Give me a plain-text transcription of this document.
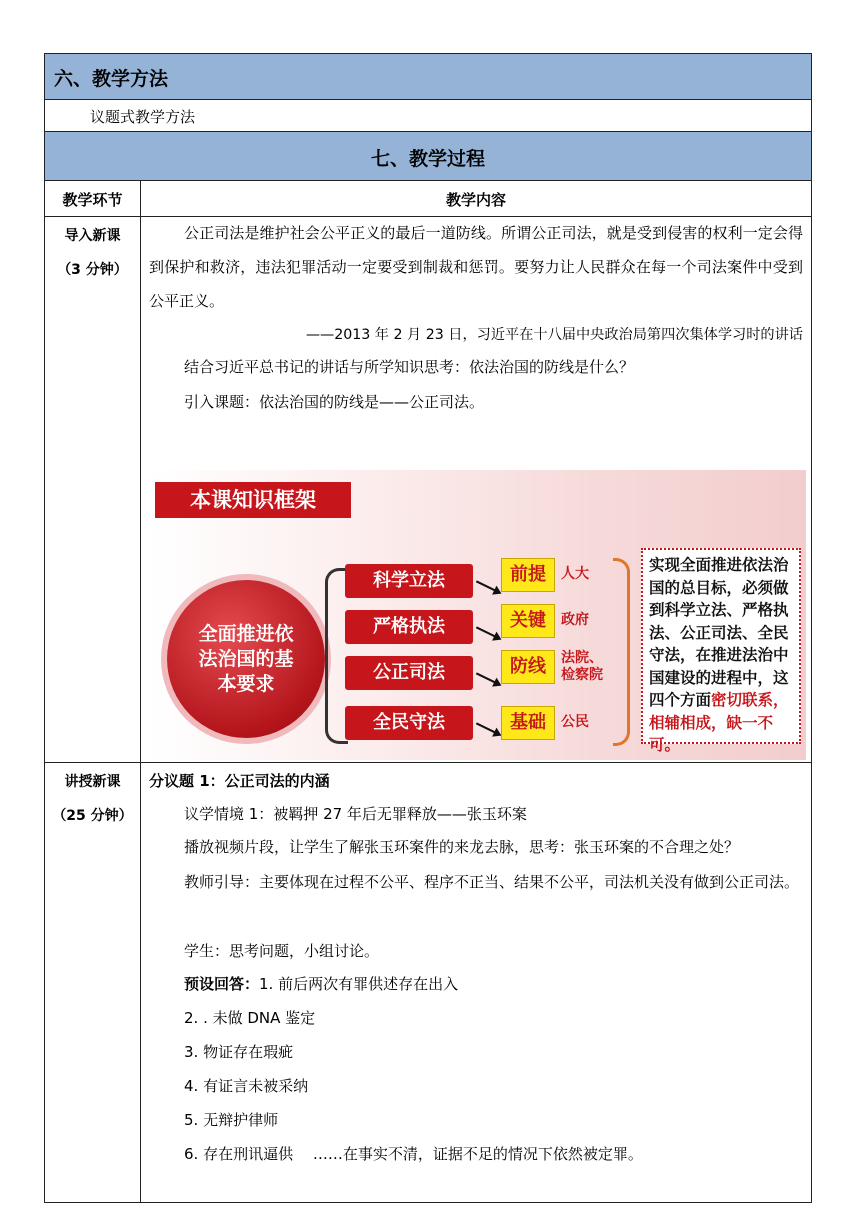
六、教学方法
议题式教学方法
七、教学过程
教学环节	教学内容
导入新课
（3 分钟）
公正司法是维护社会公平正义的最后一道防线。所谓公正司法，就是受到侵害的权利一定会得到保护和救济，违法犯罪活动一定要受到制裁和惩罚。要努力让人民群众在每一个司法案件中受到公平正义。
——2013 年 2 月 23 日，习近平在十八届中央政治局第四次集体学习时的讲话
结合习近平总书记的讲话与所学知识思考：依法治国的防线是什么？
引入课题：依法治国的防线是——公正司法。
本课知识框架
全面推进依法治国的基本要求
科学立法
严格执法
公正司法
全民守法
前提
关键
防线
基础
人大
政府
法院、检察院
公民
实现全面推进依法治国的总目标，必须做到科学立法、严格执法、公正司法、全民守法，在推进法治中国建设的进程中，这四个方面密切联系，相辅相成，缺一不可。
讲授新课
（25 分钟）
分议题 1：公正司法的内涵
议学情境 1：被羁押 27 年后无罪释放——张玉环案
播放视频片段，让学生了解张玉环案件的来龙去脉，思考：张玉环案的不合理之处？
教师引导：主要体现在过程不公平、程序不正当、结果不公平，司法机关没有做到公正司法。
学生：思考问题，小组讨论。
预设回答：1. 前后两次有罪供述存在出入
2. . 未做 DNA 鉴定
3. 物证存在瑕疵
4. 有证言未被采纳
5. 无辩护律师
6. 存在刑讯逼供　 ……在事实不清，证据不足的情况下依然被定罪。
